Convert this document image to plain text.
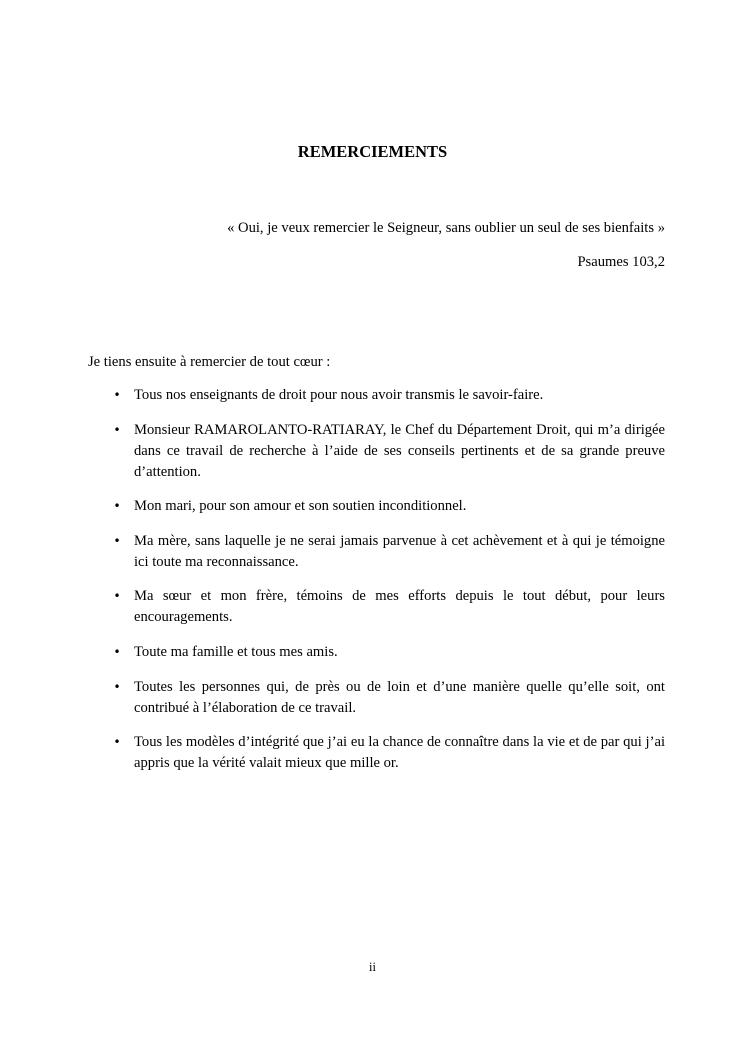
REMERCIEMENTS
« Oui, je veux remercier le Seigneur, sans oublier un seul de ses bienfaits »
Psaumes 103,2
Je tiens ensuite à remercier de tout cœur :
• Tous nos enseignants de droit pour nous avoir transmis le savoir-faire.
• Monsieur RAMAROLANTO-RATIARAY, le Chef du Département Droit, qui m’a dirigée dans ce travail de recherche à l’aide de ses conseils pertinents et de sa grande preuve d’attention.
• Mon mari, pour son amour et son soutien inconditionnel.
• Ma mère, sans laquelle je ne serai jamais parvenue à cet achèvement et à qui je témoigne ici toute ma reconnaissance.
• Ma sœur et mon frère, témoins de mes efforts depuis le tout début, pour leurs encouragements.
• Toute ma famille et tous mes amis.
• Toutes les personnes qui, de près ou de loin et d’une manière quelle qu’elle soit, ont contribué à l’élaboration de ce travail.
• Tous les modèles d’intégrité que j’ai eu la chance de connaître dans la vie et de par qui j’ai appris que la vérité valait mieux que mille or.
ii
